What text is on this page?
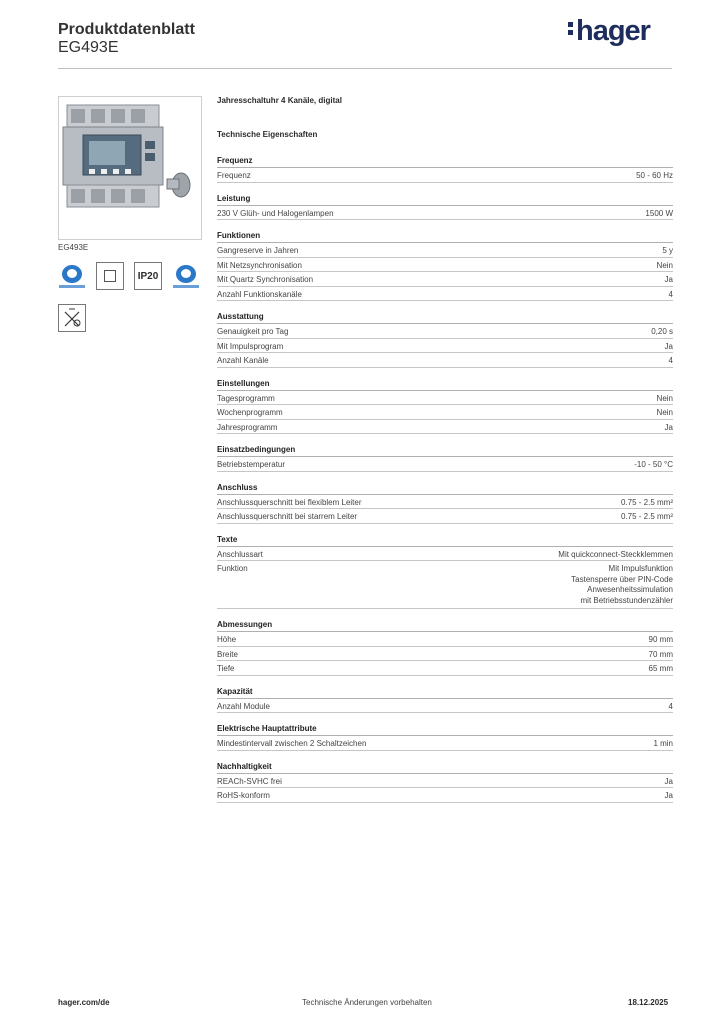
Produktdatenblatt
EG493E
hager
EG493E
IP20
Jahresschaltuhr 4 Kanäle, digital
Technische Eigenschaften
Frequenz
Frequenz	50 - 60 Hz
Leistung
230 V Glüh- und Halogenlampen	1500 W
Funktionen
Gangreserve in Jahren	5 y
Mit Netzsynchronisation	Nein
Mit Quartz Synchronisation	Ja
Anzahl Funktionskanäle	4
Ausstattung
Genauigkeit pro Tag	0,20 s
Mit Impulsprogram	Ja
Anzahl Kanäle	4
Einstellungen
Tagesprogramm	Nein
Wochenprogramm	Nein
Jahresprogramm	Ja
Einsatzbedingungen
Betriebstemperatur	-10 - 50 °C
Anschluss
Anschlussquerschnitt bei flexiblem Leiter	0.75 - 2.5 mm²
Anschlussquerschnitt bei starrem Leiter	0.75 - 2.5 mm²
Texte
Anschlussart	Mit quickconnect-Steckklemmen
Funktion	Mit Impulsfunktion
Tastensperre über PIN-Code
Anwesenheitssimulation
mit Betriebsstundenzähler
Abmessungen
Höhe	90 mm
Breite	70 mm
Tiefe	65 mm
Kapazität
Anzahl Module	4
Elektrische Hauptattribute
Mindestintervall zwischen 2 Schaltzeichen	1 min
Nachhaltigkeit
REACh-SVHC frei	Ja
RoHS-konform	Ja
hager.com/de	Technische Änderungen vorbehalten	18.12.2025
